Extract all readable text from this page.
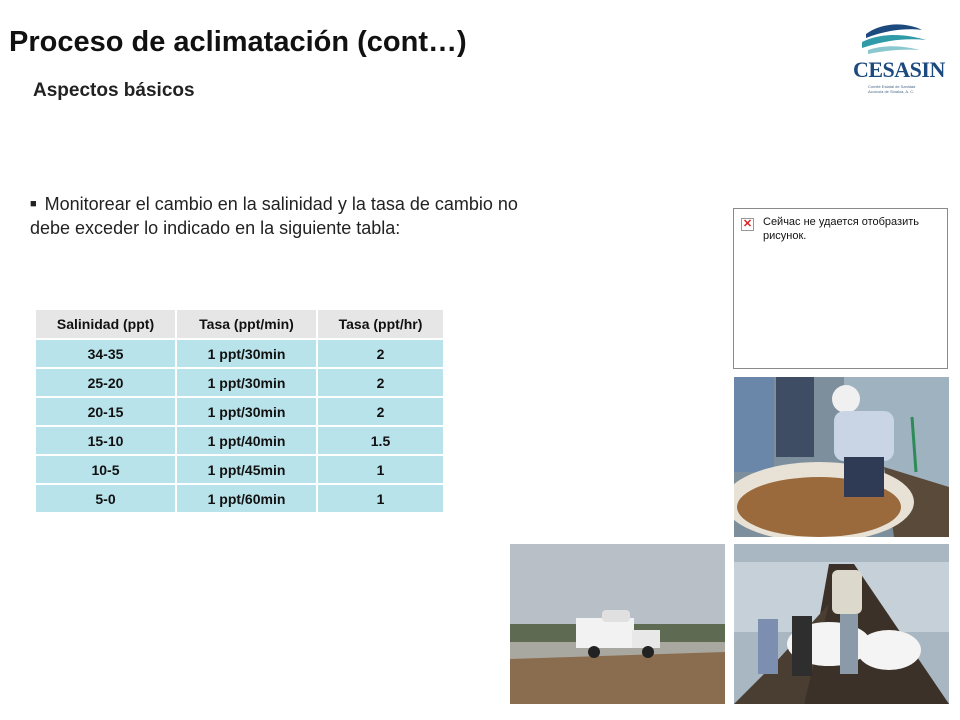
Proceso de aclimatación (cont…)
Aspectos básicos
CESASIN
Comité Estatal de Sanidad
Acuícola de Sinaloa, A. C.
■ Monitorear el cambio en la salinidad y la tasa de cambio no debe exceder lo indicado en la siguiente tabla:
Salinidad (ppt)	Tasa (ppt/min)	Tasa (ppt/hr)
34-35	1 ppt/30min	2
25-20	1 ppt/30min	2
20-15	1 ppt/30min	2
15-10	1 ppt/40min	1.5
10-5	1 ppt/45min	1
5-0	1 ppt/60min	1
✕ Сейчас не удается отобразить рисунок.
